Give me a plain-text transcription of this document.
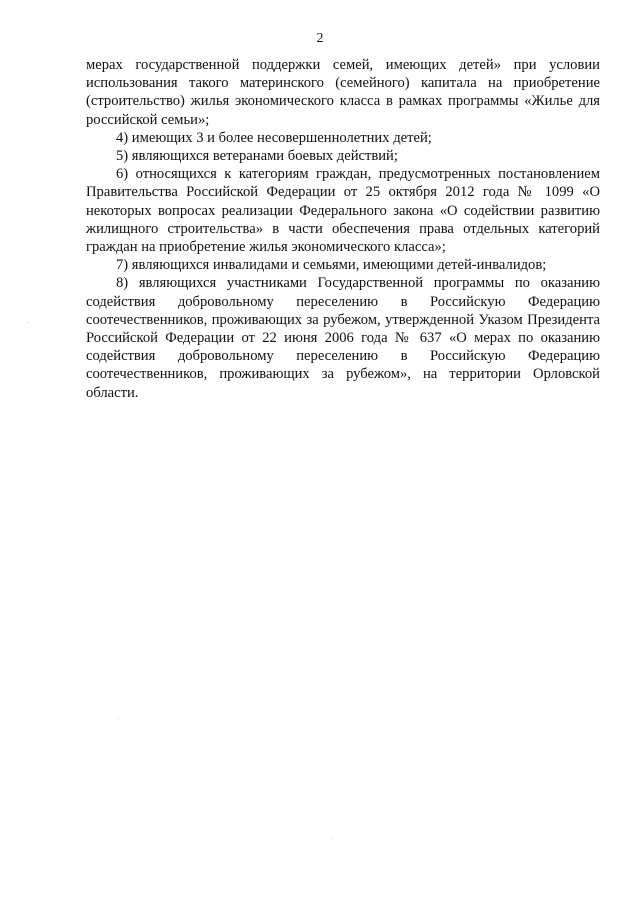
2

мерах государственной поддержки семей, имеющих детей» при условии использования такого материнского (семейного) капитала на приобретение (строительство) жилья экономического класса в рамках программы «Жилье для российской семьи»;

4) имеющих 3 и более несовершеннолетних детей;

5) являющихся ветеранами боевых действий;

6) относящихся к категориям граждан, предусмотренных постановлением Правительства Российской Федерации от 25 октября 2012 года № 1099 «О некоторых вопросах реализации Федерального закона «О содействии развитию жилищного строительства» в части обеспечения права отдельных категорий граждан на приобретение жилья экономического класса»;

7) являющихся инвалидами и семьями, имеющими детей-инвалидов;

8) являющихся участниками Государственной программы по оказанию содействия добровольному переселению в Российскую Федерацию соотечественников, проживающих за рубежом, утвержденной Указом Президента Российской Федерации от 22 июня 2006 года № 637 «О мерах по оказанию содействия добровольному переселению в Российскую Федерацию соотечественников, проживающих за рубежом», на территории Орловской области.
